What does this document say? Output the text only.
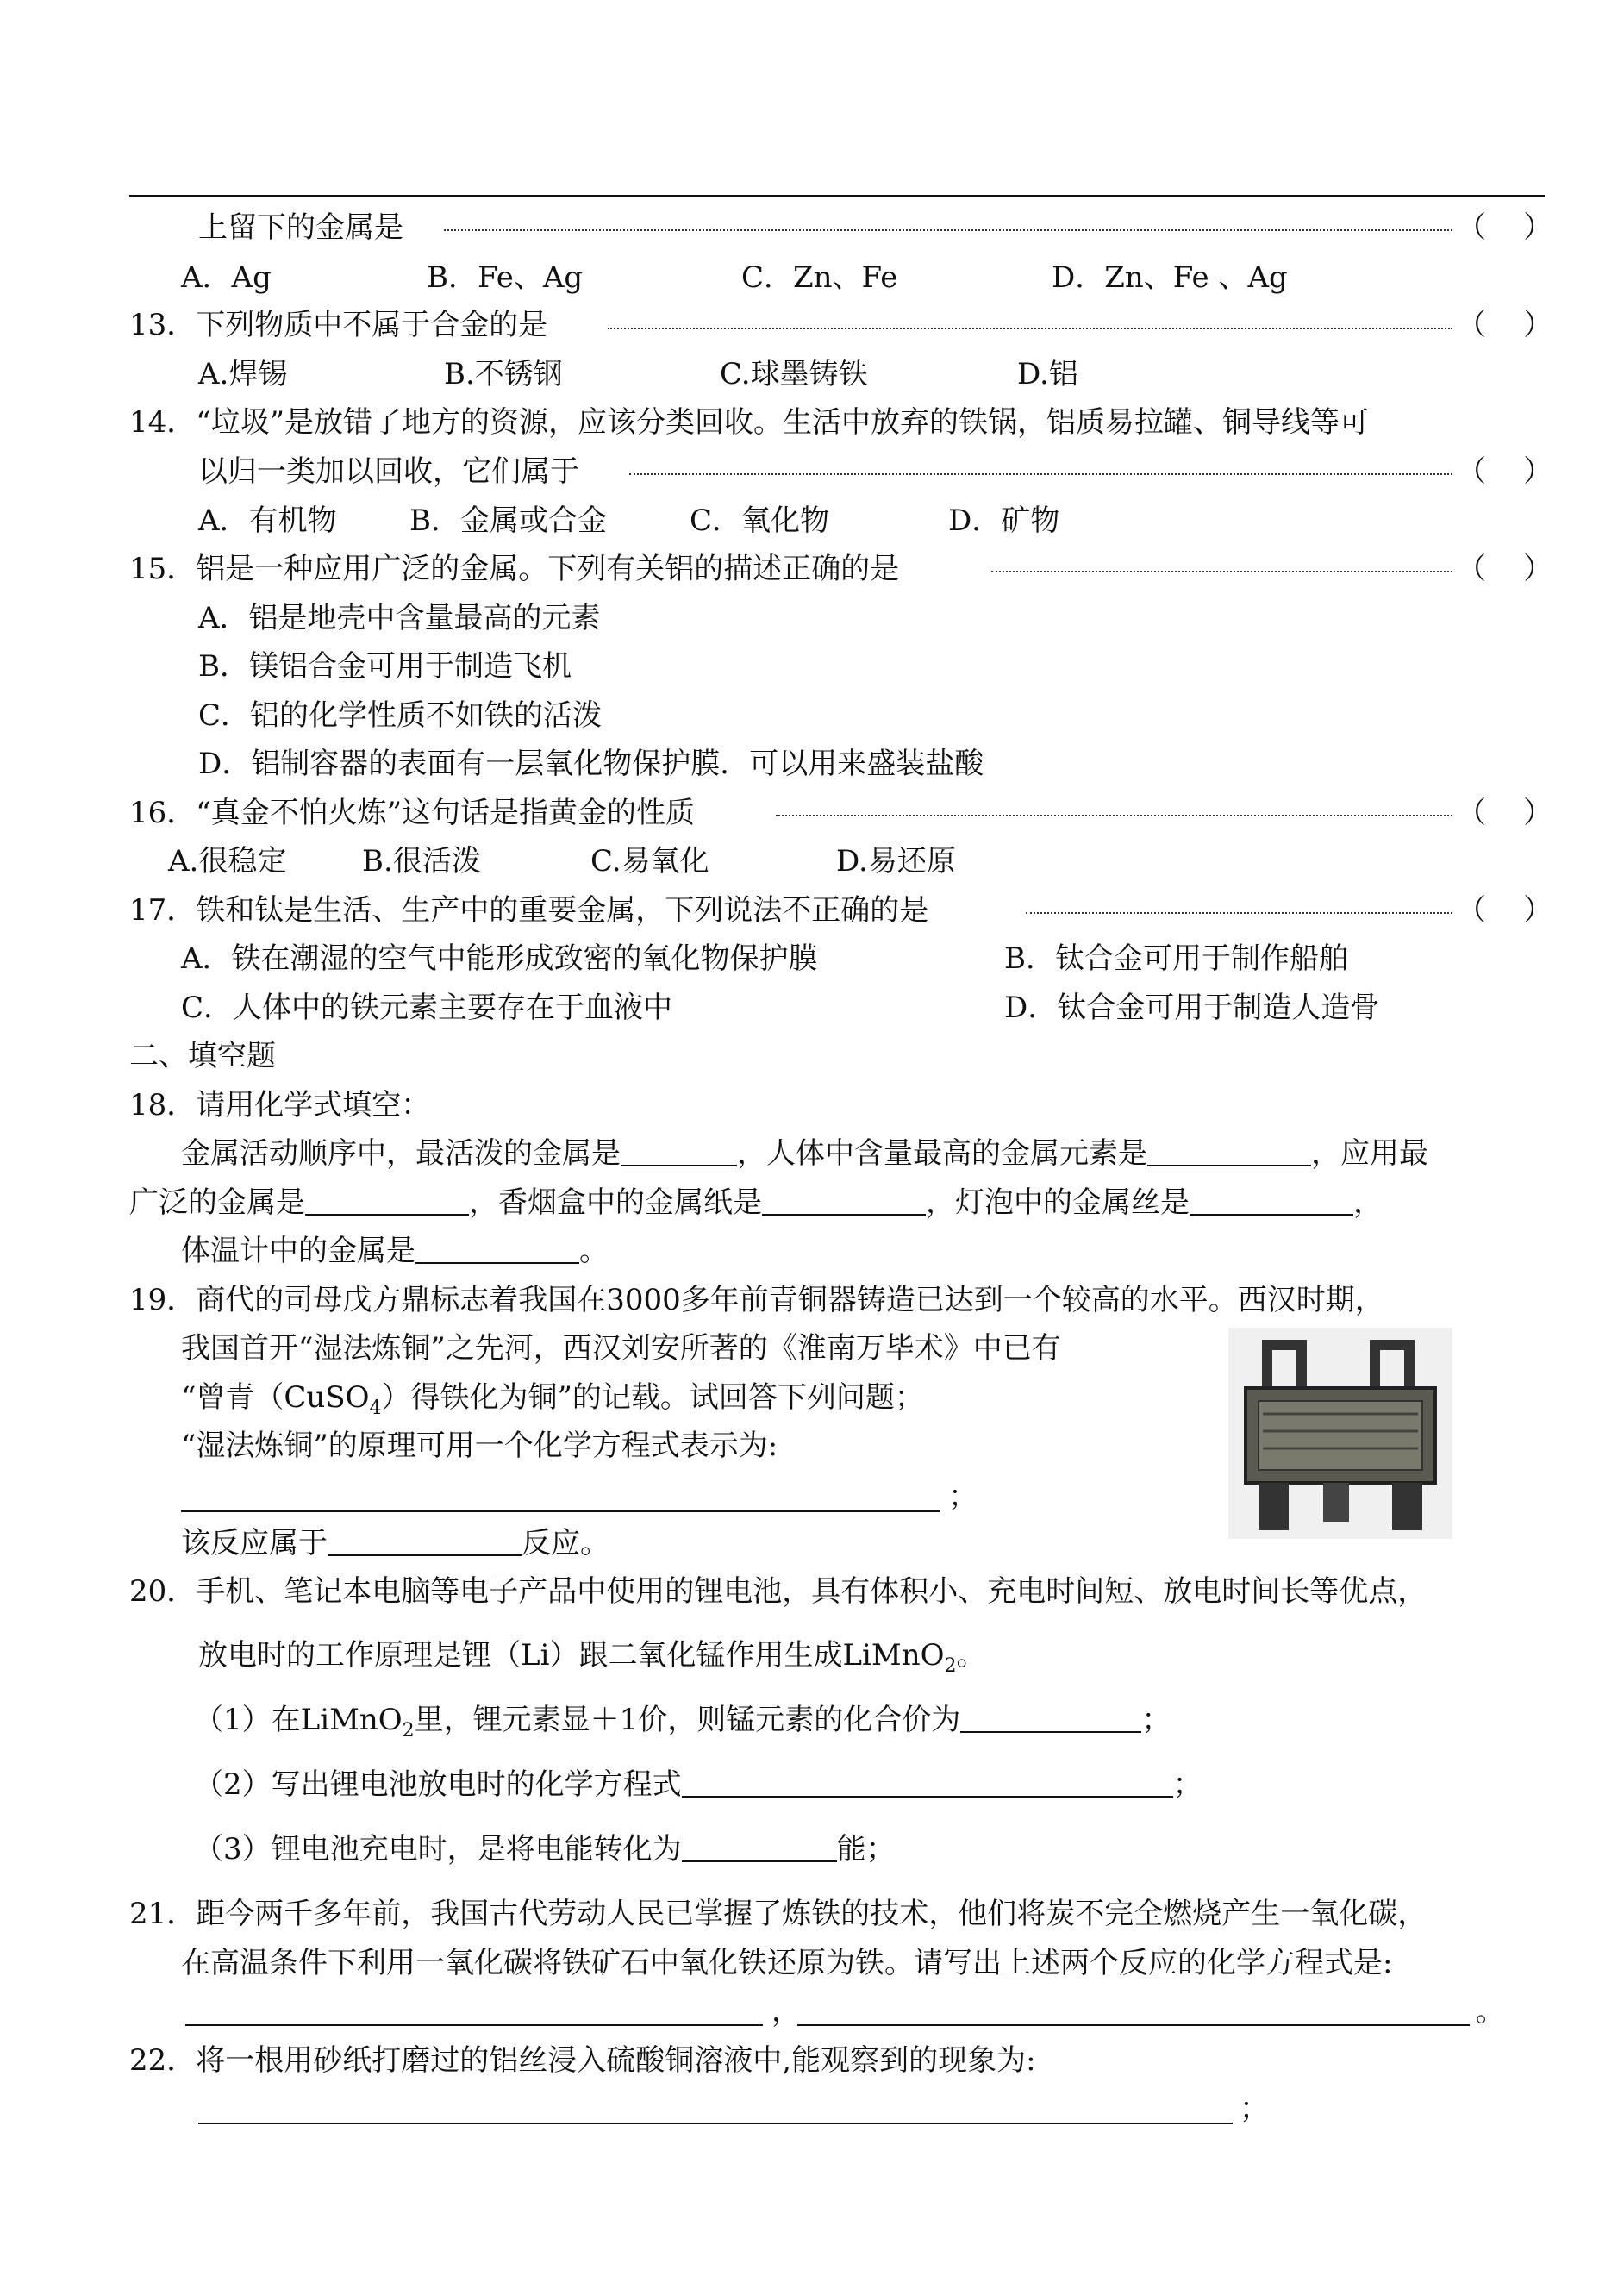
上留下的金属是	（    ）
A．Ag	B．Fe、Ag	C．Zn、Fe	D．Zn、Fe 、Ag
13．下列物质中不属于合金的是	（    ）
A.焊锡	B.不锈钢	C.球墨铸铁	D.铝
14．“垃圾”是放错了地方的资源，应该分类回收。生活中放弃的铁锅，铝质易拉罐、铜导线等可
以归一类加以回收，它们属于	（    ）
A．有机物 B．金属或合金	C．氧化物	D．矿物
15．铝是一种应用广泛的金属。下列有关铝的描述正确的是	（    ）
A．铝是地壳中含量最高的元素
B．镁铝合金可用于制造飞机
C．铝的化学性质不如铁的活泼
D．铝制容器的表面有一层氧化物保护膜．可以用来盛装盐酸
16．“真金不怕火炼”这句话是指黄金的性质	（    ）
A.很稳定	B.很活泼	C.易氧化	D.易还原
17．铁和钛是生活、生产中的重要金属，下列说法不正确的是	（    ）
A．铁在潮湿的空气中能形成致密的氧化物保护膜	B．钛合金可用于制作船舶
C．人体中的铁元素主要存在于血液中	D．钛合金可用于制造人造骨
二、填空题
18．请用化学式填空：
金属活动顺序中，最活泼的金属是	，人体中含量最高的金属元素是	，应用最
广泛的金属是	，香烟盒中的金属纸是	，灯泡中的金属丝是	，
体温计中的金属是	。
19．商代的司母戊方鼎标志着我国在3000多年前青铜器铸造已达到一个较高的水平。西汉时期，
我国首开“湿法炼铜”之先河，西汉刘安所著的《淮南万毕术》中已有
“曾青（CuSO$_4$）得铁化为铜”的记载。试回答下列问题；
“湿法炼铜”的原理可用一个化学方程式表示为:
；
该反应属于	反应。
20．手机、笔记本电脑等电子产品中使用的锂电池，具有体积小、充电时间短、放电时间长等优点，
放电时的工作原理是锂（Li）跟二氧化锰作用生成LiMnO$_2$。
（1）在LiMnO$_2$里，锂元素显＋1价，则锰元素的化合价为	；
（2）写出锂电池放电时的化学方程式	；
（3）锂电池充电时，是将电能转化为	能；
21．距今两千多年前，我国古代劳动人民已掌握了炼铁的技术，他们将炭不完全燃烧产生一氧化碳，
在高温条件下利用一氧化碳将铁矿石中氧化铁还原为铁。请写出上述两个反应的化学方程式是:
，	。
22．将一根用砂纸打磨过的铝丝浸入硫酸铜溶液中,能观察到的现象为:
；
